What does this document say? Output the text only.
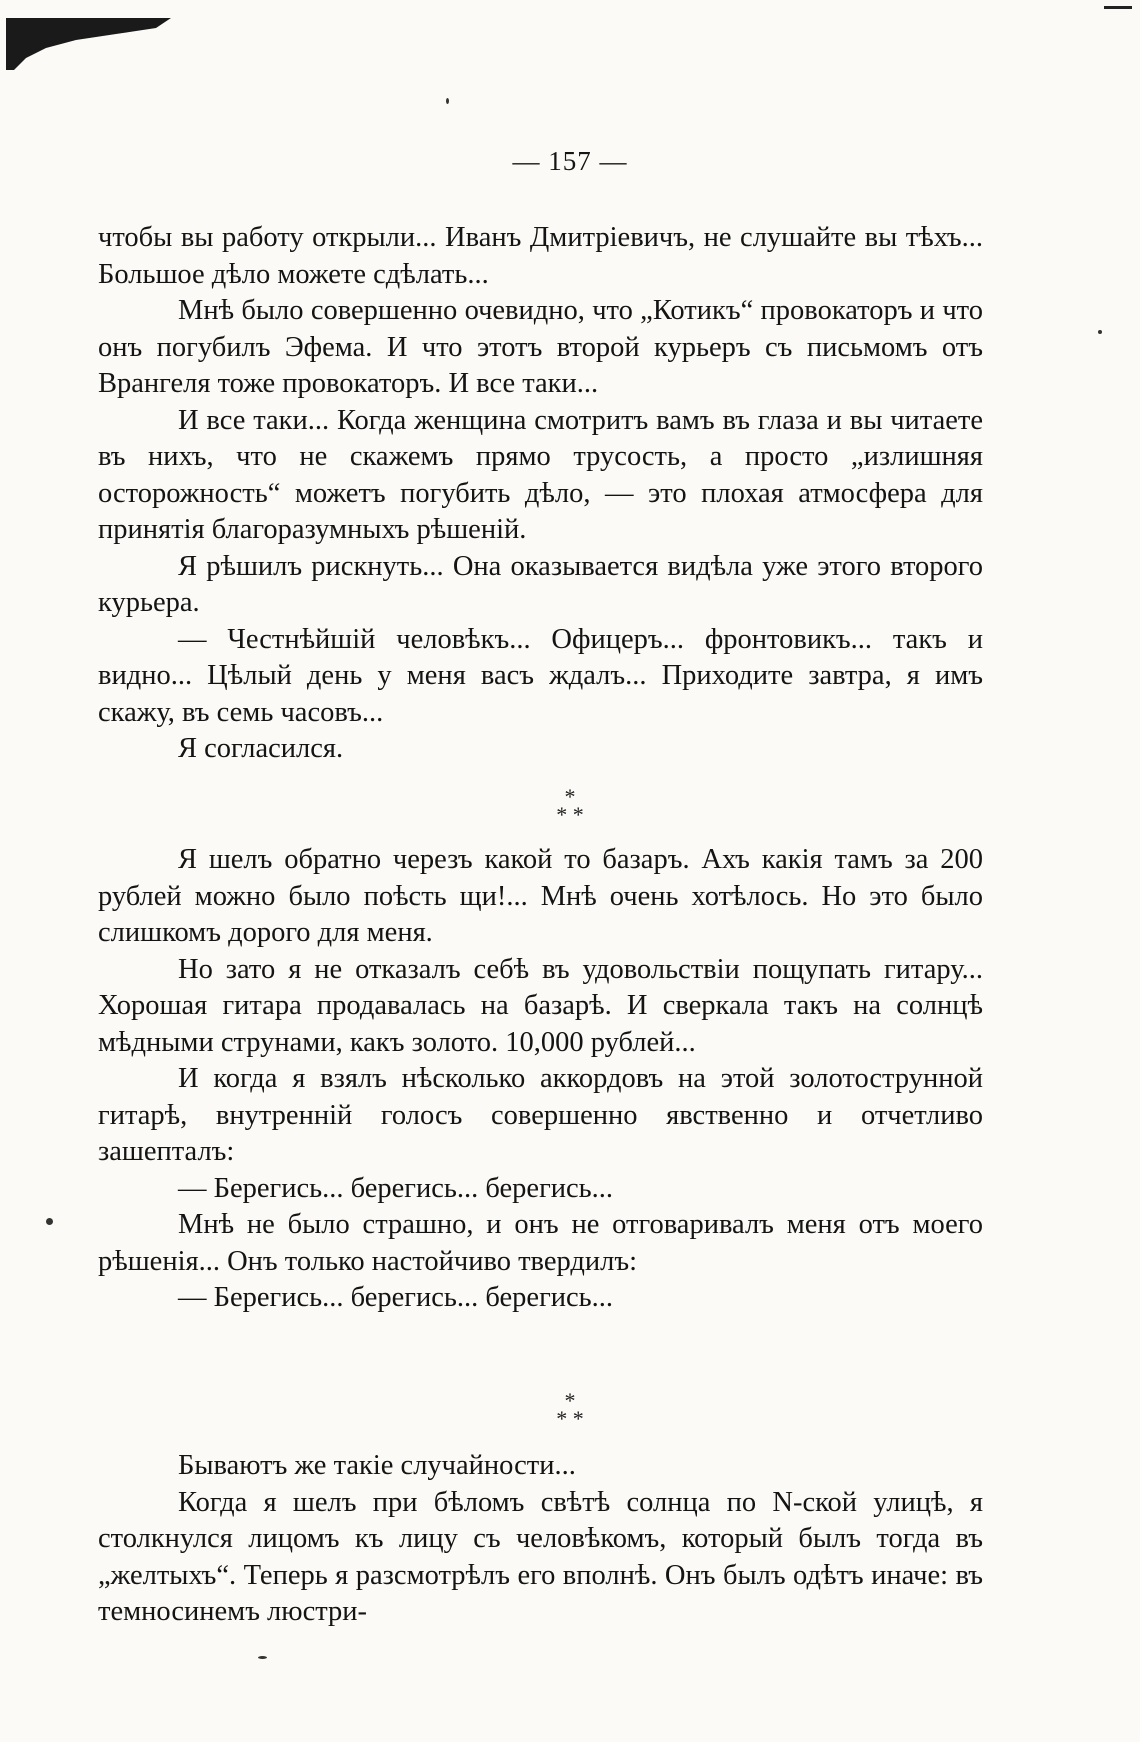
— 157 —

чтобы вы работу открыли... Иванъ Дмитріевичъ, не слушайте вы тѣхъ... Большое дѣло можете сдѣлать...

Мнѣ было совершенно очевидно, что „Котикъ“ провокаторъ и что онъ погубилъ Эфема. И что этотъ второй курьеръ съ письмомъ отъ Врангеля тоже провокаторъ. И все таки...

И все таки... Когда женщина смотритъ вамъ въ глаза и вы читаете въ нихъ, что не скажемъ прямо трусость, а просто „излишняя осторожность“ можетъ погубить дѣло, — это плохая атмосфера для принятія благоразумныхъ рѣшеній.

Я рѣшилъ рискнуть... Она оказывается видѣла уже этого второго курьера.

— Честнѣйшій человѣкъ... Офицеръ... фронтовикъ... такъ и видно... Цѣлый день у меня васъ ждалъ... Приходите завтра, я имъ скажу, въ семь часовъ...

Я согласился.

*
* *

Я шелъ обратно черезъ какой то базаръ. Ахъ какія тамъ за 200 рублей можно было поѣсть щи!... Мнѣ очень хотѣлось. Но это было слишкомъ дорого для меня.

Но зато я не отказалъ себѣ въ удовольствіи пощупать гитару... Хорошая гитара продавалась на базарѣ. И сверкала такъ на солнцѣ мѣдными струнами, какъ золото. 10,000 рублей...

И когда я взялъ нѣсколько аккордовъ на этой золотострунной гитарѣ, внутренній голосъ совершенно явственно и отчетливо зашепталъ:

— Берегись... берегись... берегись...

Мнѣ не было страшно, и онъ не отговаривалъ меня отъ моего рѣшенія... Онъ только настойчиво твердилъ:

— Берегись... берегись... берегись...

*
* *

Бываютъ же такіе случайности...

Когда я шелъ при бѣломъ свѣтѣ солнца по N-ской улицѣ, я столкнулся лицомъ къ лицу съ человѣкомъ, который былъ тогда въ „желтыхъ“. Теперь я разсмотрѣлъ его вполнѣ. Онъ былъ одѣтъ иначе: въ темносинемъ люстри-
